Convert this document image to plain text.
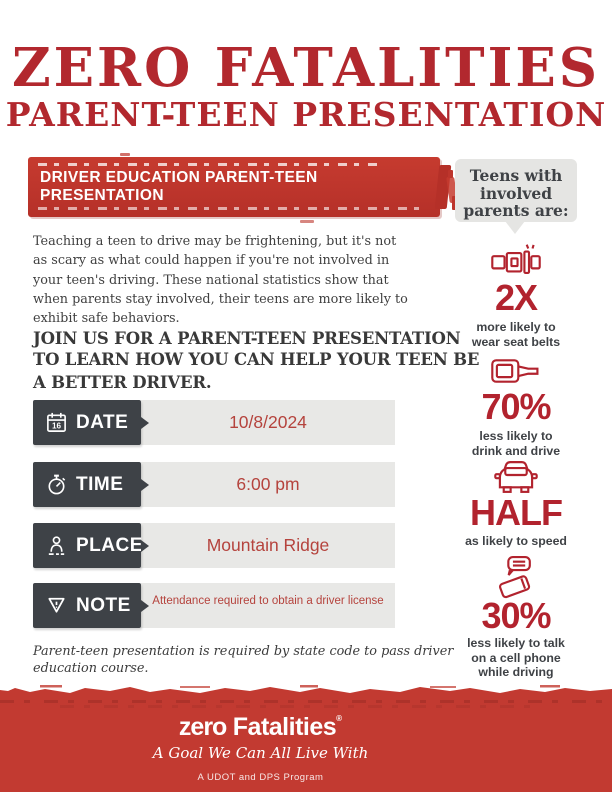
ZERO FATALITIES
PARENT-TEEN PRESENTATION
DRIVER EDUCATION PARENT-TEEN
PRESENTATION
Teaching a teen to drive may be frightening, but it's not
as scary as what could happen if you're not involved in
your teen's driving. These national statistics show that
when parents stay involved, their teens are more likely to
exhibit safe behaviors.
JOIN US FOR A PARENT-TEEN PRESENTATION
TO LEARN HOW YOU CAN HELP YOUR TEEN BE
A BETTER DRIVER.
10/8/2024
16 DATE
6:00 pm
TIME
Mountain Ridge
PLACE
Attendance required to obtain a driver license
NOTE
Parent-teen presentation is required by state code to pass driver
education course.
Teens with
involved
parents are:
2X
more likely to
wear seat belts
70%
less likely to
drink and drive
HALF
as likely to speed
30%
less likely to talk
on a cell phone
while driving
zero Fatalities®
A Goal We Can All Live With
A UDOT and DPS Program
